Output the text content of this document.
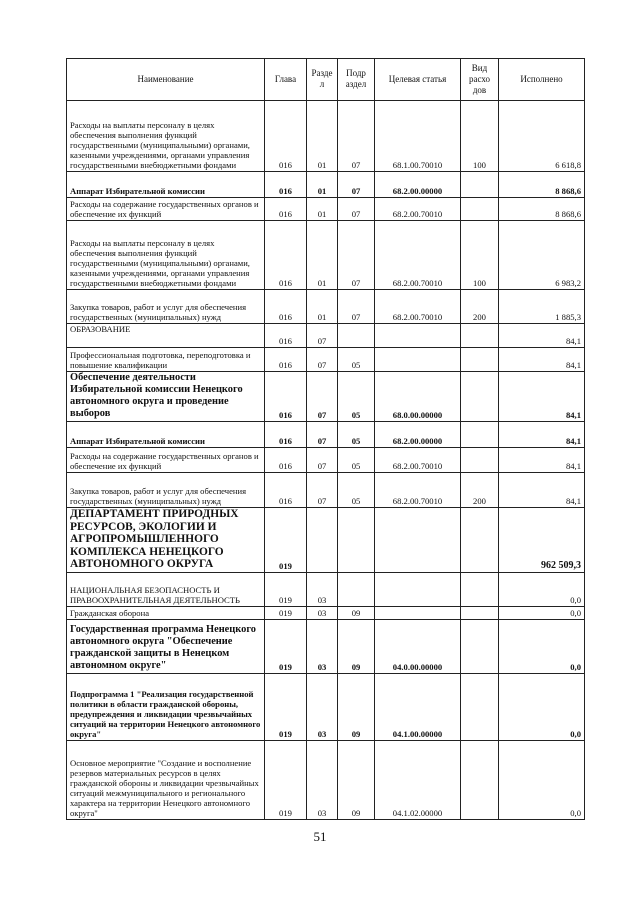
Наименование	Глава	Разде л	Подр аздел	Целевая статья	Вид расхо дов	Исполнено
Расходы на выплаты персоналу в целях обеспечения выполнения функций государственными (муниципальными) органами, казенными учреждениями, органами управления государственными внебюджетными фондами	016	01	07	68.1.00.70010	100	6 618,8
Аппарат Избирательной комиссии	016	01	07	68.2.00.00000		8 868,6
Расходы на содержание государственных органов и обеспечение их функций	016	01	07	68.2.00.70010		8 868,6
Расходы на выплаты персоналу в целях обеспечения выполнения функций государственными (муниципальными) органами, казенными учреждениями, органами управления государственными внебюджетными фондами	016	01	07	68.2.00.70010	100	6 983,2
Закупка товаров, работ и услуг для обеспечения государственных (муниципальных) нужд	016	01	07	68.2.00.70010	200	1 885,3
ОБРАЗОВАНИЕ	016	07				84,1
Профессиональная подготовка, переподготовка и повышение квалификации	016	07	05			84,1
Обеспечение деятельности Избирательной комиссии Ненецкого автономного округа и проведение выборов	016	07	05	68.0.00.00000		84,1
Аппарат Избирательной комиссии	016	07	05	68.2.00.00000		84,1
Расходы на содержание государственных органов и обеспечение их функций	016	07	05	68.2.00.70010		84,1
Закупка товаров, работ и услуг для обеспечения государственных (муниципальных) нужд	016	07	05	68.2.00.70010	200	84,1
ДЕПАРТАМЕНТ ПРИРОДНЫХ РЕСУРСОВ, ЭКОЛОГИИ И АГРОПРОМЫШЛЕННОГО КОМПЛЕКСА НЕНЕЦКОГО АВТОНОМНОГО ОКРУГА	019					962 509,3
НАЦИОНАЛЬНАЯ БЕЗОПАСНОСТЬ И ПРАВООХРАНИТЕЛЬНАЯ ДЕЯТЕЛЬНОСТЬ	019	03				0,0
Гражданская оборона	019	03	09			0,0
Государственная программа Ненецкого автономного округа "Обеспечение гражданской защиты в Ненецком автономном округе"	019	03	09	04.0.00.00000		0,0
Подпрограмма 1 "Реализация государственной политики в области гражданской обороны, предупреждения и ликвидации чрезвычайных ситуаций на территории Ненецкого автономного округа"	019	03	09	04.1.00.00000		0,0
Основное мероприятие "Создание и восполнение резервов материальных ресурсов в целях гражданской обороны и ликвидации чрезвычайных ситуаций межмуниципального и регионального характера на территории Ненецкого автономного округа"	019	03	09	04.1.02.00000		0,0
51
